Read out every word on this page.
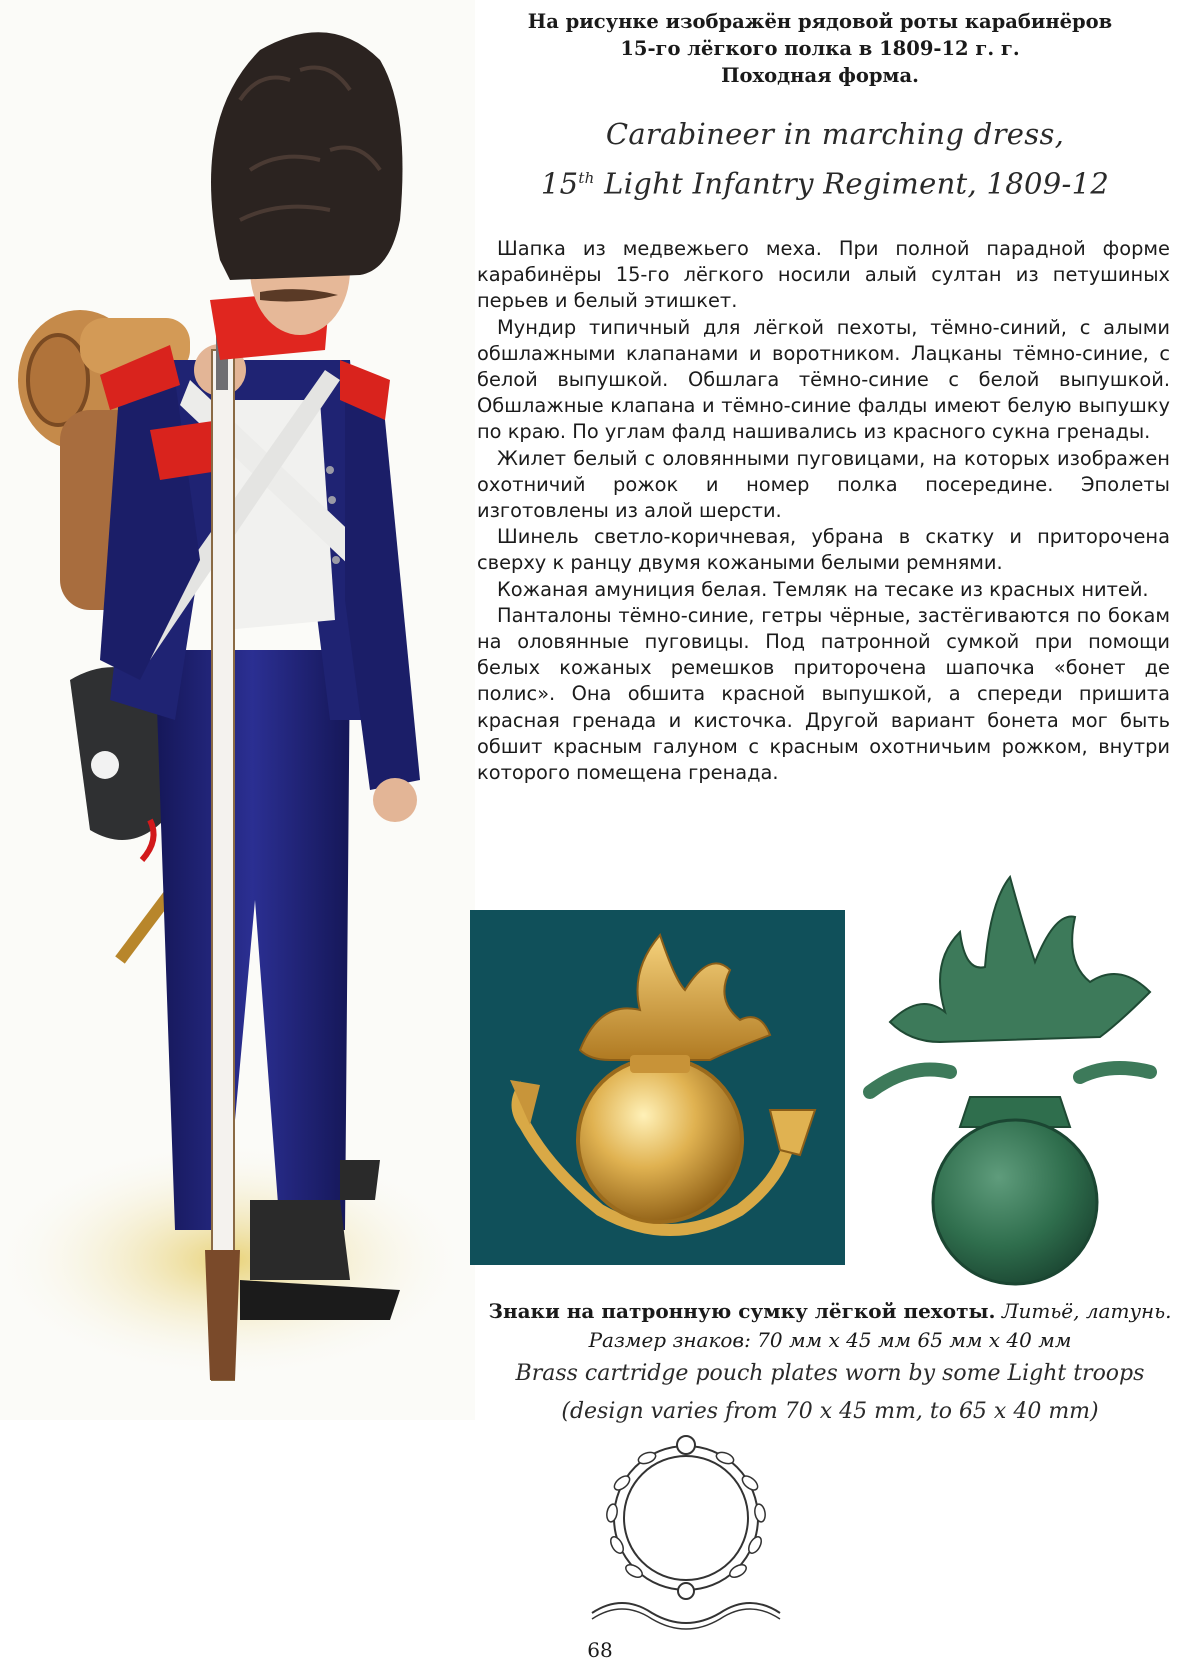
На рисунке изображён рядовой роты карабинёров
15-го лёгкого полка в 1809-12 г. г.
Походная форма.
Carabineer in marching dress,
15th Light Infantry Regiment, 1809-12

Шапка из медвежьего меха. При полной парадной форме карабинёры 15-го лёгкого носили алый султан из петушиных перьев и белый этишкет.

Мундир типичный для лёгкой пехоты, тёмно-синий, с алыми обшлажными клапанами и воротником. Лацканы тёмно-синие, с белой выпушкой. Обшлага тёмно-синие с белой выпушкой. Обшлажные клапана и тёмно-синие фалды имеют белую выпушку по краю. По углам фалд нашивались из красного сукна гренады.

Жилет белый с оловянными пуговицами, на которых изображен охотничий рожок и номер полка посередине. Эполеты изготовлены из алой шерсти.

Шинель светло-коричневая, убрана в скатку и приторочена сверху к ранцу двумя кожаными белыми ремнями.

Кожаная амуниция белая. Темляк на тесаке из красных нитей.

Панталоны тёмно-синие, гетры чёрные, застёгиваются по бокам на оловянные пуговицы. Под патронной сумкой при помощи белых кожаных ремешков приторочена шапочка «бонет де полис». Она обшита красной выпушкой, а спереди пришита красная гренада и кисточка. Другой вариант бонета мог быть обшит красным галуном с красным охотничьим рожком, внутри которого помещена гренада.

Знаки на патронную сумку лёгкой пехоты. Литьё, латунь. Размер знаков: 70 мм х 45 мм 65 мм х 40 мм
Brass cartridge pouch plates worn by some Light troops
(design varies from 70 x 45 mm, to 65 x 40 mm)
68
